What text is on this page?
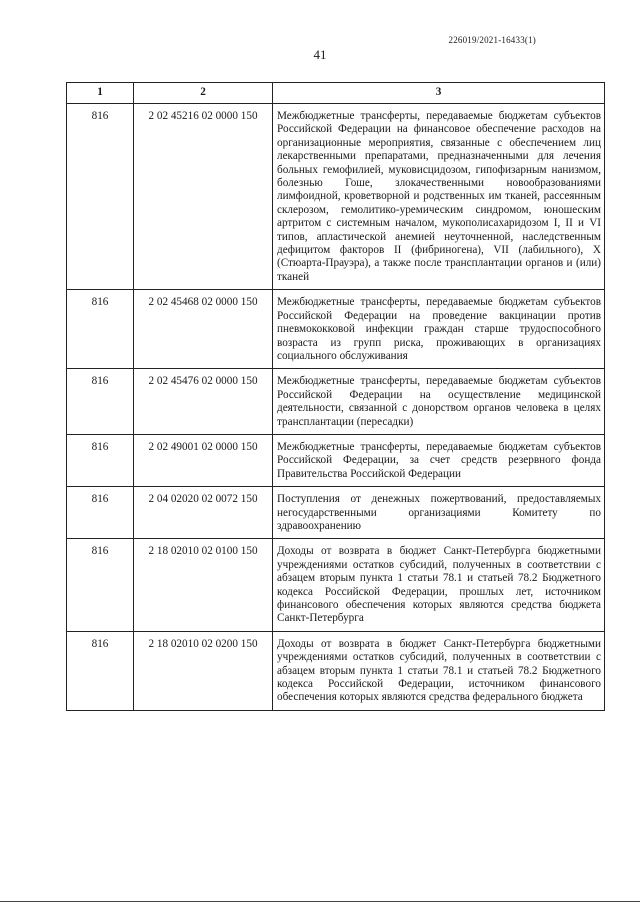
226019/2021-16433(1)
41
1	2	3
816	2 02 45216 02 0000 150	Межбюджетные трансферты, передаваемые бюджетам субъектов Российской Федерации на финансовое обеспечение расходов на организационные мероприятия, связанные с обеспечением лиц лекарственными препаратами, предназначенными для лечения больных гемофилией, муковисцидозом, гипофизарным нанизмом, болезнью Гоше, злокачественными новообразованиями лимфоидной, кроветворной и родственных им тканей, рассеянным склерозом, гемолитико-уремическим синдромом, юношеским артритом с системным началом, мукополисахаридозом I, II и VI типов, апластической анемией неуточненной, наследственным дефицитом факторов II (фибриногена), VII (лабильного), X (Стюарта-Прауэра), а также после трансплантации органов и (или) тканей
816	2 02 45468 02 0000 150	Межбюджетные трансферты, передаваемые бюджетам субъектов Российской Федерации на проведение вакцинации против пневмококковой инфекции граждан старше трудоспособного возраста из групп риска, проживающих в организациях социального обслуживания
816	2 02 45476 02 0000 150	Межбюджетные трансферты, передаваемые бюджетам субъектов Российской Федерации на осуществление медицинской деятельности, связанной с донорством органов человека в целях трансплантации (пересадки)
816	2 02 49001 02 0000 150	Межбюджетные трансферты, передаваемые бюджетам субъектов Российской Федерации, за счет средств резервного фонда Правительства Российской Федерации
816	2 04 02020 02 0072 150	Поступления от денежных пожертвований, предоставляемых негосударственными организациями Комитету по здравоохранению
816	2 18 02010 02 0100 150	Доходы от возврата в бюджет Санкт-Петербурга бюджетными учреждениями остатков субсидий, полученных в соответствии с абзацем вторым пункта 1 статьи 78.1 и статьей 78.2 Бюджетного кодекса Российской Федерации, прошлых лет, источником финансового обеспечения которых являются средства бюджета Санкт-Петербурга
816	2 18 02010 02 0200 150	Доходы от возврата в бюджет Санкт-Петербурга бюджетными учреждениями остатков субсидий, полученных в соответствии с абзацем вторым пункта 1 статьи 78.1 и статьей 78.2 Бюджетного кодекса Российской Федерации, источником финансового обеспечения которых являются средства федерального бюджета
